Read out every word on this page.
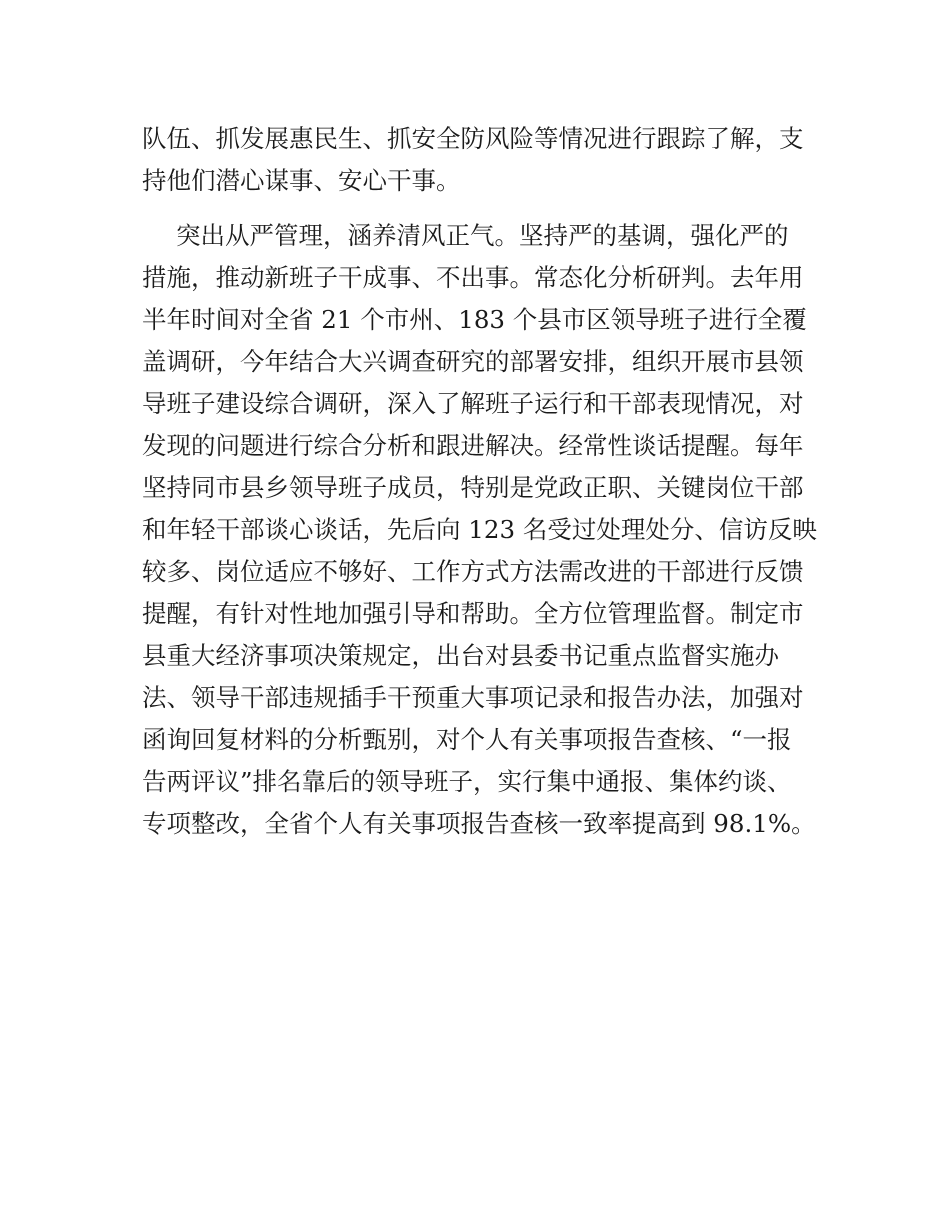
队伍、抓发展惠民生、抓安全防风险等情况进行跟踪了解，支
持他们潜心谋事、安心干事。
突出从严管理，涵养清风正气。坚持严的基调，强化严的
措施，推动新班子干成事、不出事。常态化分析研判。去年用
半年时间对全省 21 个市州、183 个县市区领导班子进行全覆
盖调研，今年结合大兴调查研究的部署安排，组织开展市县领
导班子建设综合调研，深入了解班子运行和干部表现情况，对
发现的问题进行综合分析和跟进解决。经常性谈话提醒。每年
坚持同市县乡领导班子成员，特别是党政正职、关键岗位干部
和年轻干部谈心谈话，先后向 123 名受过处理处分、信访反映
较多、岗位适应不够好、工作方式方法需改进的干部进行反馈
提醒，有针对性地加强引导和帮助。全方位管理监督。制定市
县重大经济事项决策规定，出台对县委书记重点监督实施办
法、领导干部违规插手干预重大事项记录和报告办法，加强对
函询回复材料的分析甄别，对个人有关事项报告查核、“一报
告两评议”排名靠后的领导班子，实行集中通报、集体约谈、
专项整改，全省个人有关事项报告查核一致率提高到 98.1%。
